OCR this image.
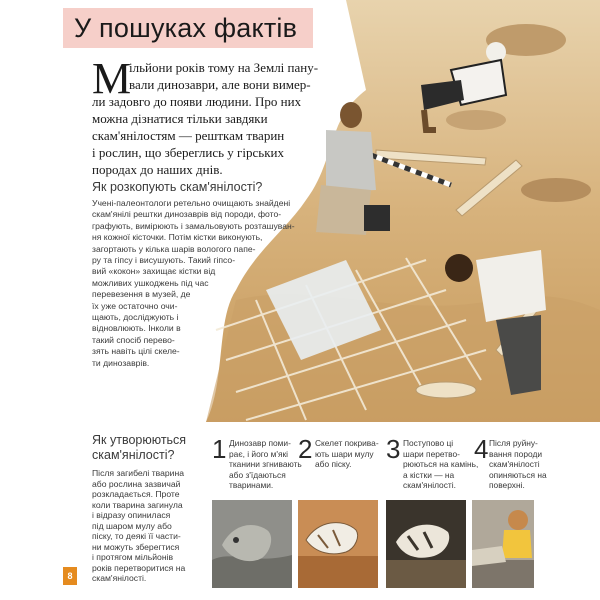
У пошуках фактів
М
ільйони років тому на Землі пану-
вали динозаври, але вони вимер-
ли задовго до появи людини. Про них
можна дізнатися тільки завдяки
скам'янілостям — решткам тварин
і рослин, що збереглись у гірських
породах до наших днів.
Як розкопують скам'янілості?
Учені-палеонтологи ретельно очищають знайдені
скам'янілі рештки динозаврів від породи, фото-
графують, вимірюють і замальовують розташуван-
ня кожної кісточки. Потім кістки виконують,
загортають у кілька шарів вологого папе-
ру та гіпсу і висушують. Такий гіпсо-
вий «кокон» захищає кістки від
можливих ушкоджень під час
перевезення в музей, де
їх уже остаточно очи-
щають, досліджують і
відновлюють. Інколи в
такий спосіб перево-
зять навіть цілі скеле-
ти динозаврів.
Як утворюються
скам'янілості?
Після загибелі тварина
або рослина зазвичай
розкладається. Проте
коли тварина загинула
і відразу опинилася
під шаром мулу або
піску, то деякі її части-
ни можуть зберегтися
і протягом мільйонів
років перетворитися на
скам'янілості.
1 Динозавр поми-
рає, і його м'які
тканини згнивають
або з'їдаються
тваринами.
2 Скелет покрива-
ють шари мулу
або піску.
3 Поступово ці
шари перетво-
рюються на камінь,
а кістки — на
скам'янілості.
4 Після руйну-
вання породи
скам'янілості
опиняються на
поверхні.
8
